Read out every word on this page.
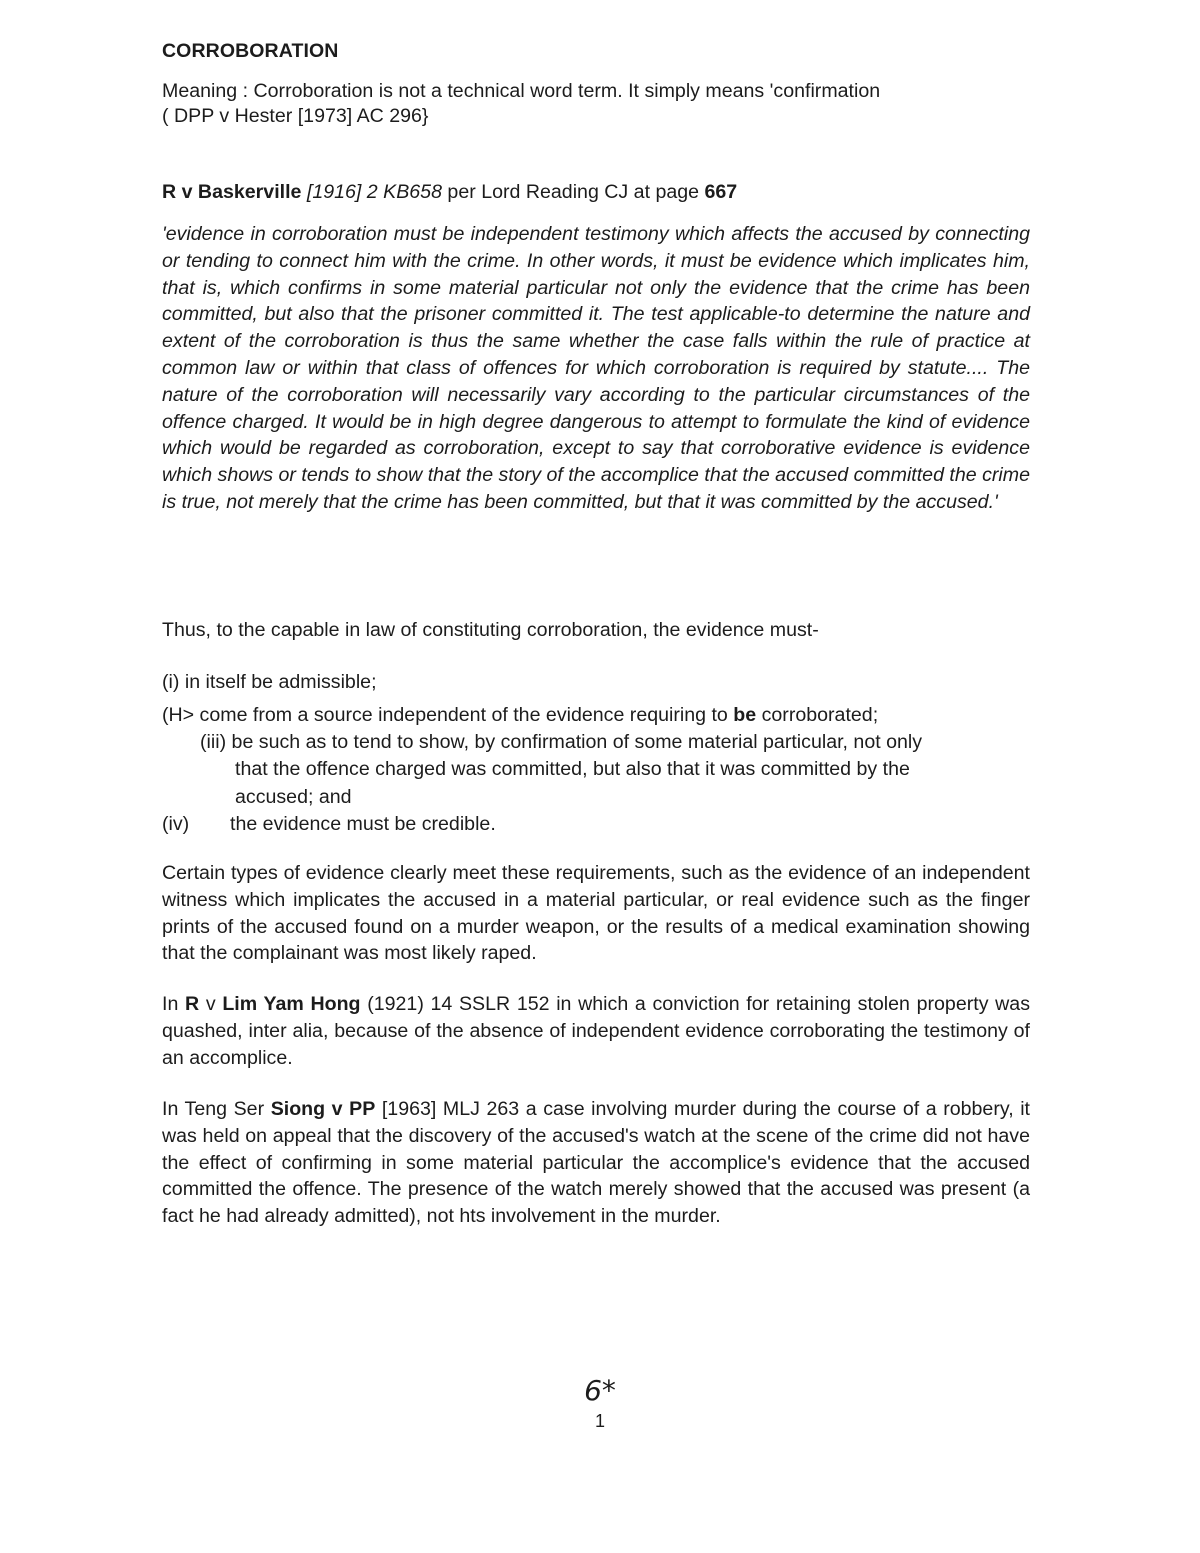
CORROBORATION

Meaning : Corroboration is not a technical word term. It simply means 'confirmation
( DPP v Hester [1973] AC 296}

R v Baskerville [1916] 2 KB658 per Lord Reading CJ at page 667

'evidence in corroboration must be independent testimony which affects the accused by connecting or tending to connect him with the crime. In other words, it must be evidence which implicates him, that is, which confirms in some material particular not only the evidence that the crime has been committed, but also that the prisoner committed it. The test applicable-to determine the nature and extent of the corroboration is thus the same whether the case falls within the rule of practice at common law or within that class of offences for which corroboration is required by statute.... The nature of the corroboration will necessarily vary according to the particular circumstances of the offence charged. It would be in high degree dangerous to attempt to formulate the kind of evidence which would be regarded as corroboration, except to say that corroborative evidence is evidence which shows or tends to show that the story of the accomplice that the accused committed the crime is true, not merely that the crime has been committed, but that it was committed by the accused.'

Thus, to the capable in law of constituting corroboration, the evidence must-

(i) in itself be admissible;

(H> come from a source independent of the evidence requiring to be corroborated;

(iii) be such as to tend to show, by confirmation of some material particular, not only

that the offence charged was committed, but also that it was committed by the
accused; and

(iv) the evidence must be credible.

Certain types of evidence clearly meet these requirements, such as the evidence of an independent witness which implicates the accused in a material particular, or real evidence such as the finger prints of the accused found on a murder weapon, or the results of a medical examination showing that the complainant was most likely raped.

In R v Lim Yam Hong (1921) 14 SSLR 152 in which a conviction for retaining stolen property was quashed, inter alia, because of the absence of independent evidence corroborating the testimony of an accomplice.

In Teng Ser Siong v PP [1963] MLJ 263 a case involving murder during the course of a robbery, it was held on appeal that the discovery of the accused's watch at the scene of the crime did not have the effect of confirming in some material particular the accomplice's evidence that the accused committed the offence. The presence of the watch merely showed that the accused was present (a fact he had already admitted), not hts involvement in the murder.

6*
1
